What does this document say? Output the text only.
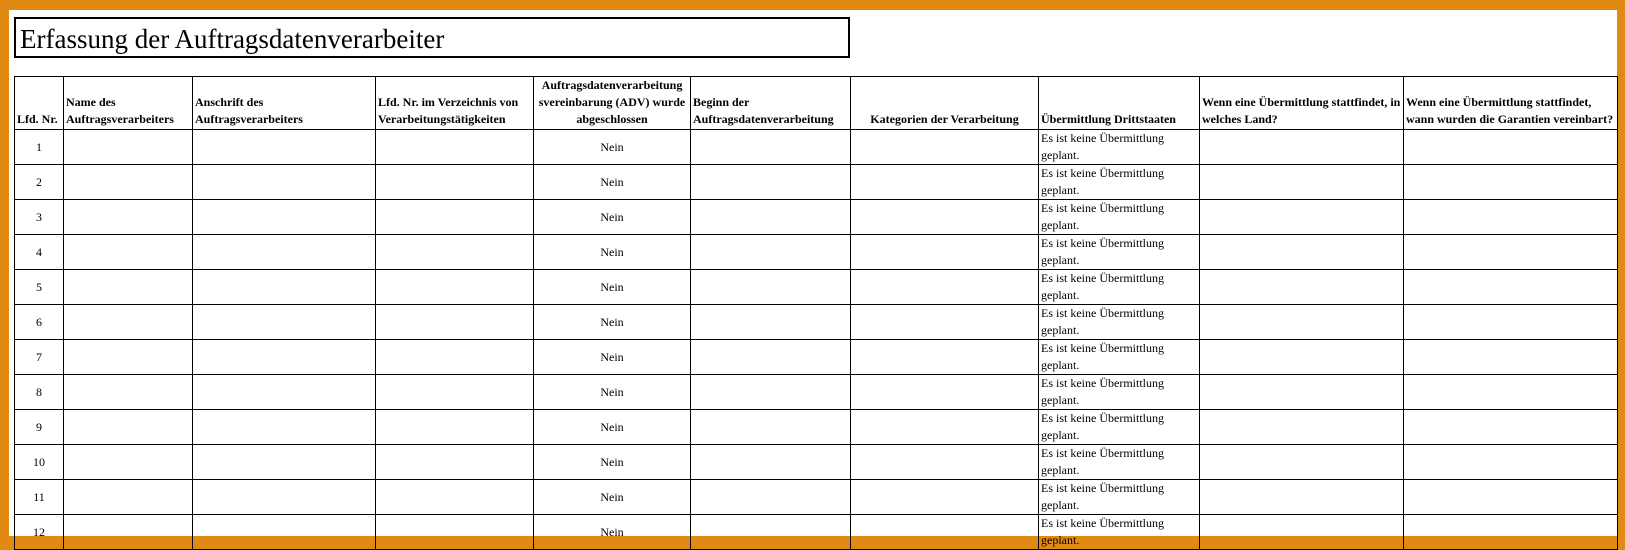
Erfassung der Auftragsdatenverarbeiter
Lfd. Nr.	Name des Auftragsverarbeiters	Anschrift des Auftragsverarbeiters	Lfd. Nr. im Verzeichnis von Verarbeitungstätigkeiten	Auftragsdatenverarbeitung svereinbarung (ADV) wurde abgeschlossen	Beginn der Auftragsdatenverarbeitung	Kategorien der Verarbeitung	Übermittlung Drittstaaten	Wenn eine Übermittlung stattfindet, in welches Land?	Wenn eine Übermittlung stattfindet, wann wurden die Garantien vereinbart?
1				Nein			Es ist keine Übermittlung geplant.		
2				Nein			Es ist keine Übermittlung geplant.		
3				Nein			Es ist keine Übermittlung geplant.		
4				Nein			Es ist keine Übermittlung geplant.		
5				Nein			Es ist keine Übermittlung geplant.		
6				Nein			Es ist keine Übermittlung geplant.		
7				Nein			Es ist keine Übermittlung geplant.		
8				Nein			Es ist keine Übermittlung geplant.		
9				Nein			Es ist keine Übermittlung geplant.		
10				Nein			Es ist keine Übermittlung geplant.		
11				Nein			Es ist keine Übermittlung geplant.		
12				Nein			Es ist keine Übermittlung geplant.		
